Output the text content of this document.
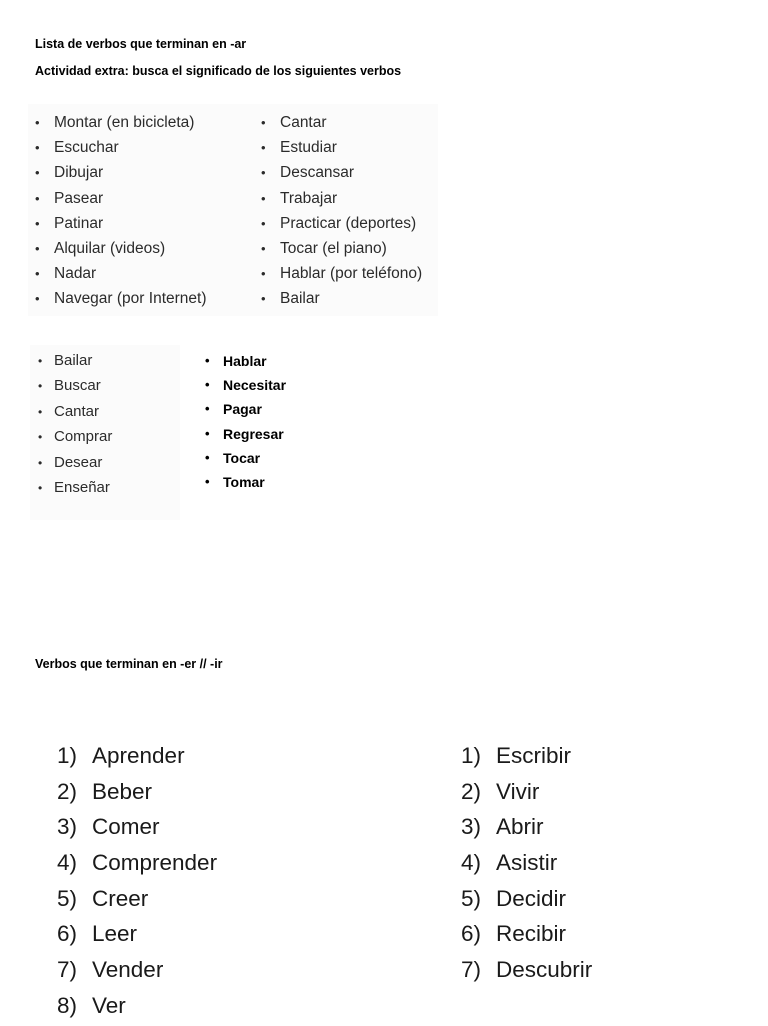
Lista de verbos que terminan en -ar

Actividad extra: busca el significado de los siguientes verbos

• Montar (en bicicleta)
• Escuchar
• Dibujar
• Pasear
• Patinar
• Alquilar (videos)
• Nadar
• Navegar (por Internet)
• Cantar
• Estudiar
• Descansar
• Trabajar
• Practicar (deportes)
• Tocar (el piano)
• Hablar (por teléfono)
• Bailar
• Bailar
• Buscar
• Cantar
• Comprar
• Desear
• Enseñar
• Hablar
• Necesitar
• Pagar
• Regresar
• Tocar
• Tomar

Verbos que terminan en -er // -ir

1) Aprender
2) Beber
3) Comer
4) Comprender
5) Creer
6) Leer
7) Vender
8) Ver
1) Escribir
2) Vivir
3) Abrir
4) Asistir
5) Decidir
6) Recibir
7) Descubrir
